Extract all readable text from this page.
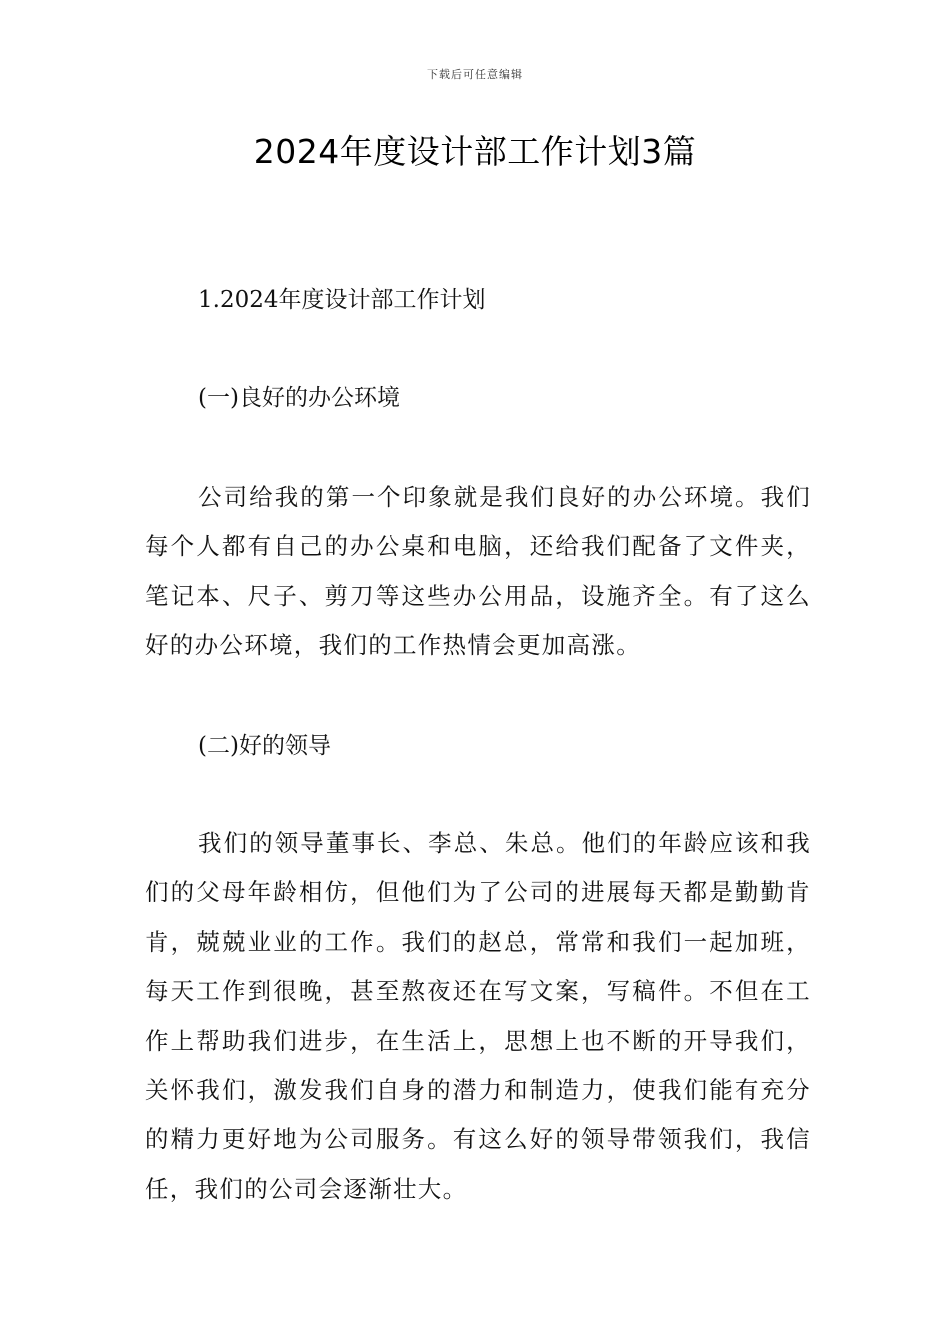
下载后可任意编辑
2024年度设计部工作计划3篇
1.2024年度设计部工作计划
(一)良好的办公环境

公司给我的第一个印象就是我们良好的办公环境。我们每个人都有自己的办公桌和电脑，还给我们配备了文件夹，笔记本、尺子、剪刀等这些办公用品，设施齐全。有了这么好的办公环境，我们的工作热情会更加高涨。

(二)好的领导

我们的领导董事长、李总、朱总。他们的年龄应该和我们的父母年龄相仿，但他们为了公司的进展每天都是勤勤肯肯，兢兢业业的工作。我们的赵总，常常和我们一起加班，每天工作到很晚，甚至熬夜还在写文案，写稿件。不但在工作上帮助我们进步，在生活上，思想上也不断的开导我们，关怀我们，激发我们自身的潜力和制造力，使我们能有充分的精力更好地为公司服务。有这么好的领导带领我们，我信任，我们的公司会逐渐壮大。
